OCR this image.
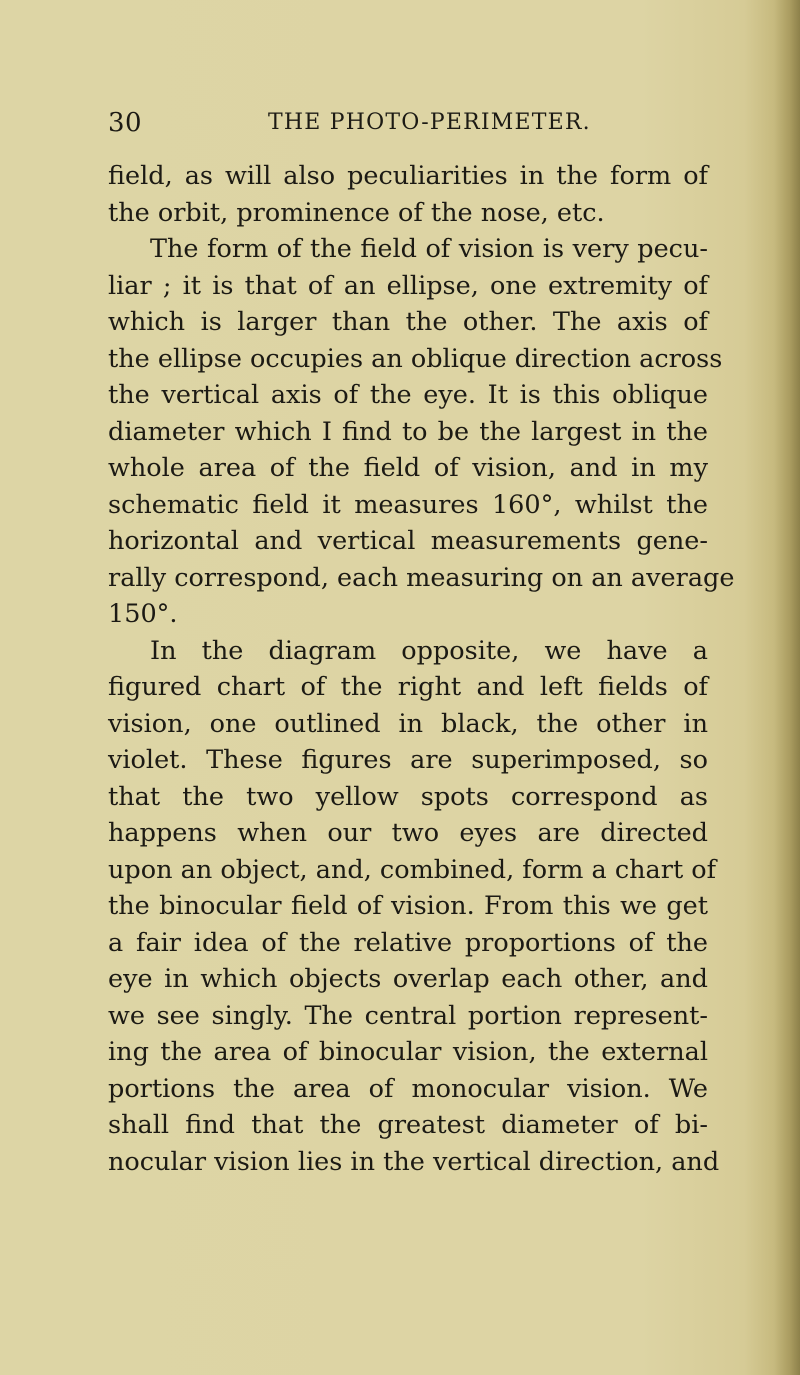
30	THE PHOTO-PERIMETER.
field, as will also peculiarities in the form of
the orbit, prominence of the nose, etc.
The form of the field of vision is very pecu-
liar ; it is that of an ellipse, one extremity of
which is larger than the other. The axis of
the ellipse occupies an oblique direction across
the vertical axis of the eye. It is this oblique
diameter which I find to be the largest in the
whole area of the field of vision, and in my
schematic field it measures 160°, whilst the
horizontal and vertical measurements gene-
rally correspond, each measuring on an average
150°.
In the diagram opposite, we have a
figured chart of the right and left fields of
vision, one outlined in black, the other in
violet. These figures are superimposed, so
that the two yellow spots correspond as
happens when our two eyes are directed
upon an object, and, combined, form a chart of
the binocular field of vision. From this we get
a fair idea of the relative proportions of the
eye in which objects overlap each other, and
we see singly. The central portion represent-
ing the area of binocular vision, the external
portions the area of monocular vision. We
shall find that the greatest diameter of bi-
nocular vision lies in the vertical direction, and
